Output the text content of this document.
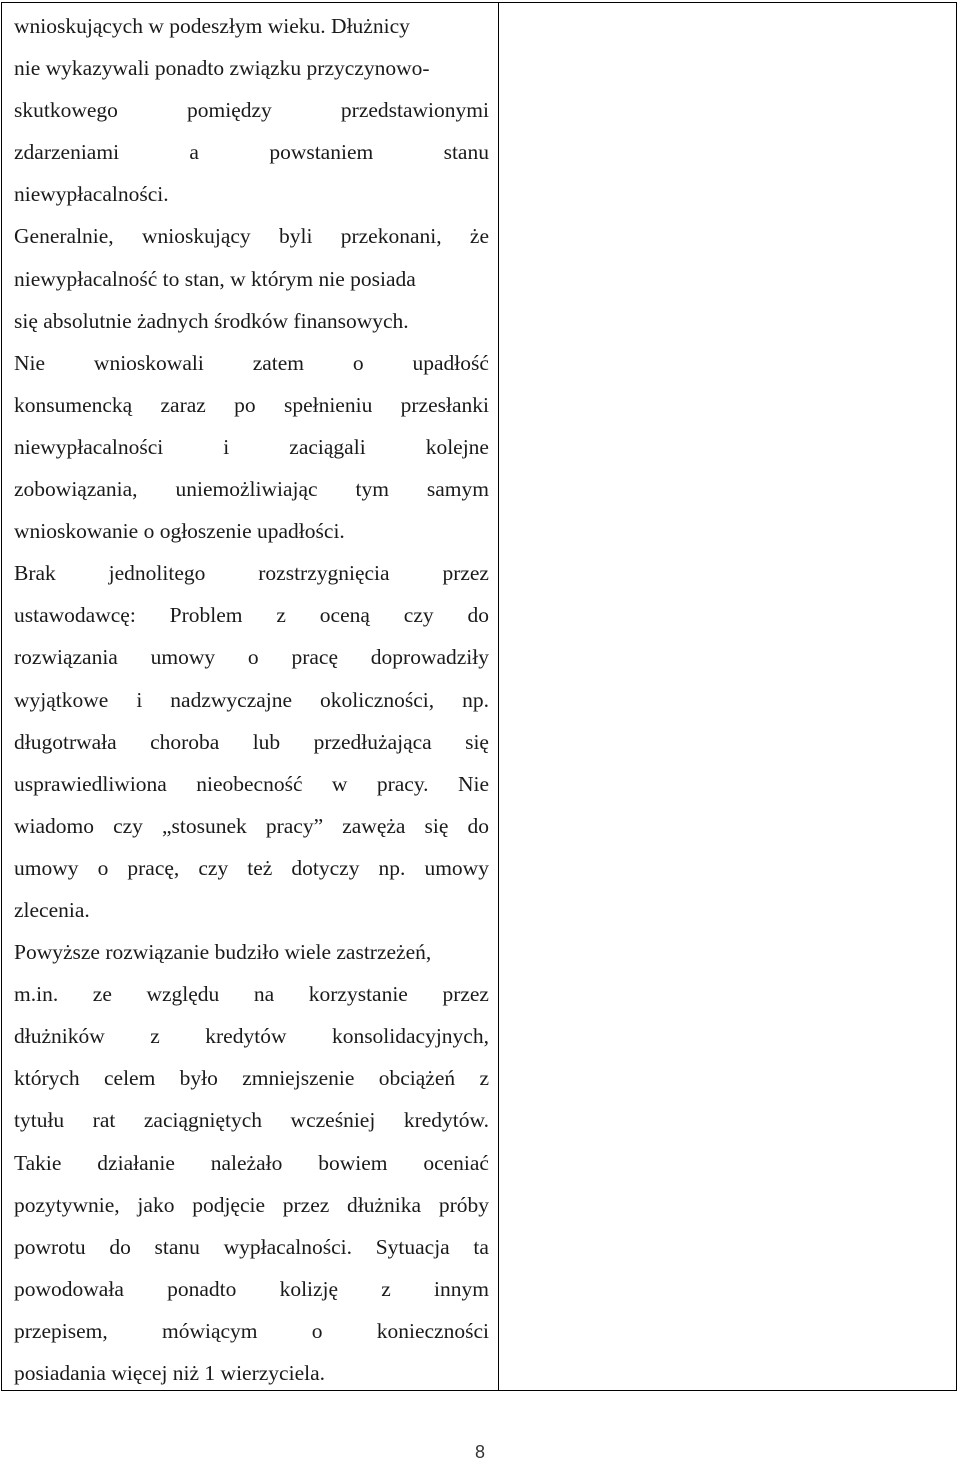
wnioskujących w podeszłym wieku. Dłużnicy
nie wykazywali ponadto związku przyczynowo-
skutkowego	pomiędzy	przedstawionymi
zdarzeniami	a	powstaniem	stanu
niewypłacalności.
Generalnie, wnioskujący byli przekonani, że
niewypłacalność to stan, w którym nie posiada
się absolutnie żadnych środków finansowych.
Nie wnioskowali zatem o upadłość
konsumencką zaraz po spełnieniu przesłanki
niewypłacalności	i	zaciągali	kolejne
zobowiązania, uniemożliwiając tym samym
wnioskowanie o ogłoszenie upadłości.
Brak jednolitego rozstrzygnięcia przez
ustawodawcę: Problem z oceną czy do
rozwiązania umowy o pracę doprowadziły
wyjątkowe i nadzwyczajne okoliczności, np.
długotrwała choroba lub przedłużająca się
usprawiedliwiona nieobecność w pracy. Nie
wiadomo czy „stosunek pracy” zawęża się do
umowy o pracę, czy też dotyczy np. umowy
zlecenia.
Powyższe rozwiązanie budziło wiele zastrzeżeń,
m.in. ze względu na korzystanie przez
dłużników z kredytów konsolidacyjnych,
których celem było zmniejszenie obciążeń z
tytułu rat zaciągniętych wcześniej kredytów.
Takie działanie należało bowiem oceniać
pozytywnie, jako podjęcie przez dłużnika próby
powrotu do stanu wypłacalności. Sytuacja ta
powodowała ponadto kolizję z innym
przepisem,	mówiącym	o	konieczności
posiadania więcej niż 1 wierzyciela.
8
